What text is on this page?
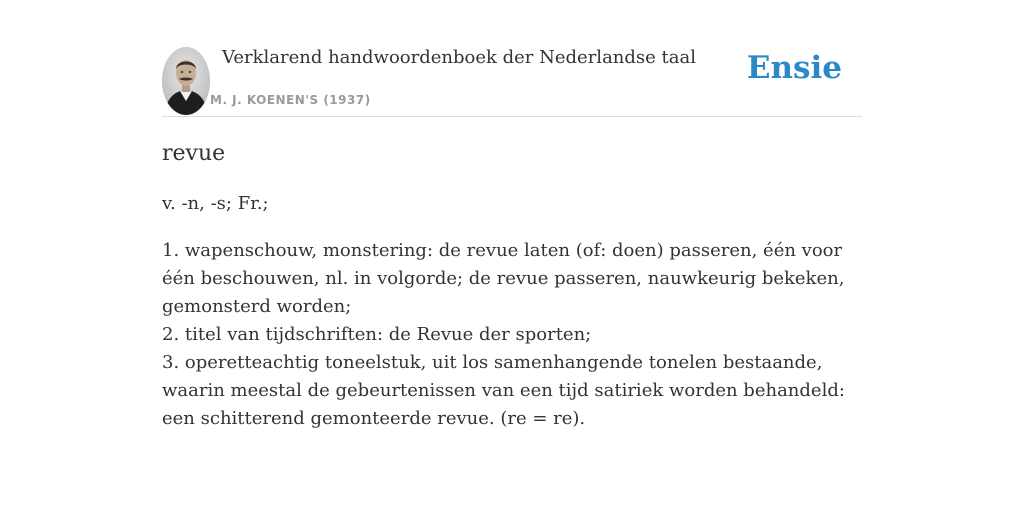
Verklarend handwoordenboek der Nederlandse taal
M. J. KOENEN'S (1937)
Ensie
revue

v. -n, -s; Fr.;

1. wapenschouw, monstering: de revue laten (of: doen) passeren, één voor één beschouwen, nl. in volgorde; de revue passeren, nauwkeurig bekeken, gemonsterd worden;
2. titel van tijdschriften: de Revue der sporten;
3. operetteachtig toneelstuk, uit los samenhangende tonelen bestaande, waarin meestal de gebeurtenissen van een tijd satiriek worden behandeld: een schitterend gemonteerde revue. (re = re).
